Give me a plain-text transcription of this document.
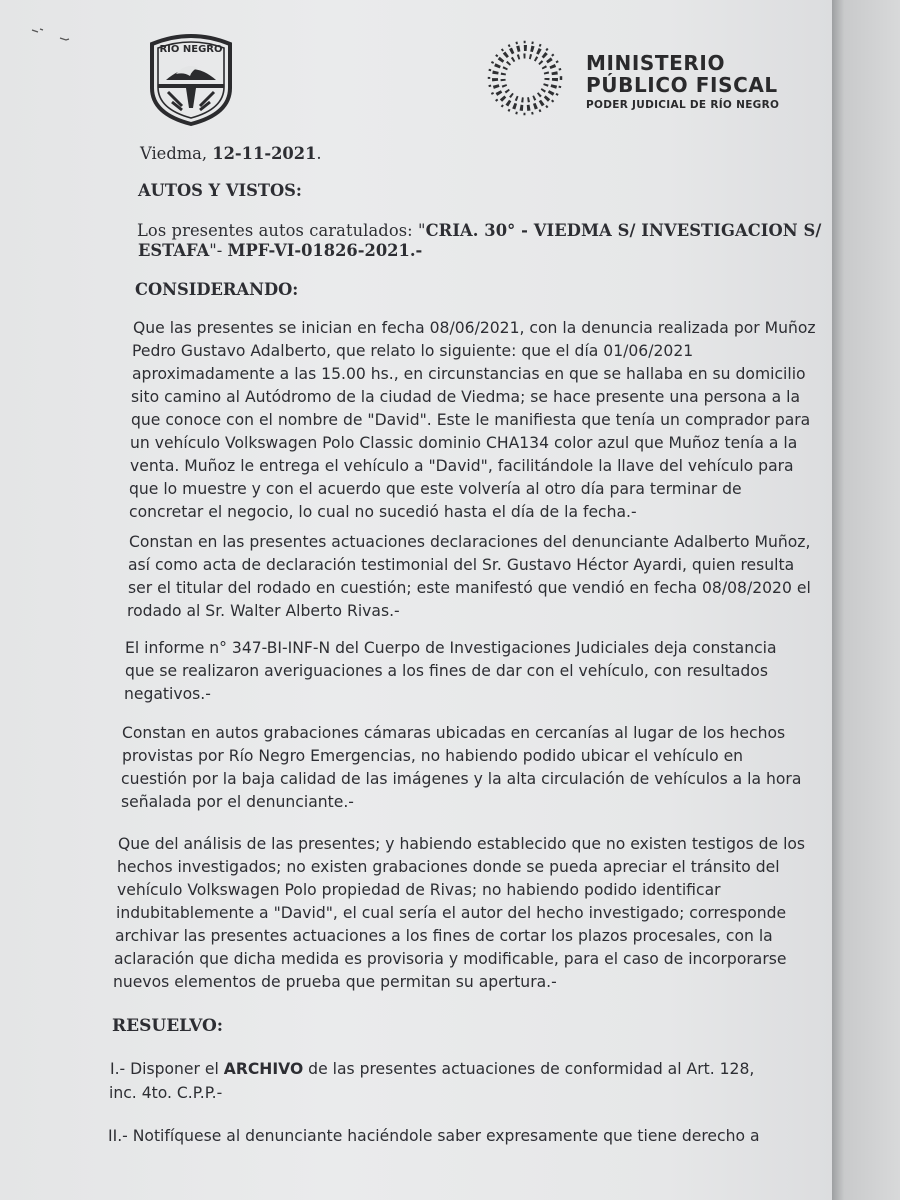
RIO NEGRO
MINISTERIO
PÚBLICO FISCAL
PODER JUDICIAL DE RÍO NEGRO
Viedma, 12-11-2021.
AUTOS Y VISTOS:
Los presentes autos caratulados: "CRIA. 30° - VIEDMA S/ INVESTIGACION S/
ESTAFA"- MPF-VI-01826-2021.-
CONSIDERANDO:
Que las presentes se inician en fecha 08/06/2021, con la denuncia realizada por Muñoz
Pedro Gustavo Adalberto, que relato lo siguiente: que el día 01/06/2021
aproximadamente a las 15.00 hs., en circunstancias en que se hallaba en su domicilio
sito camino al Autódromo de la ciudad de Viedma; se hace presente una persona a la
que conoce con el nombre de "David". Este le manifiesta que tenía un comprador para
un vehículo Volkswagen Polo Classic dominio CHA134 color azul que Muñoz tenía a la
venta. Muñoz le entrega el vehículo a "David", facilitándole la llave del vehículo para
que lo muestre y con el acuerdo que este volvería al otro día para terminar de
concretar el negocio, lo cual no sucedió hasta el día de la fecha.-
Constan en las presentes actuaciones declaraciones del denunciante Adalberto Muñoz,
así como acta de declaración testimonial del Sr. Gustavo Héctor Ayardi, quien resulta
ser el titular del rodado en cuestión; este manifestó que vendió en fecha 08/08/2020 el
rodado al Sr. Walter Alberto Rivas.-
El informe n° 347-BI-INF-N del Cuerpo de Investigaciones Judiciales deja constancia
que se realizaron averiguaciones a los fines de dar con el vehículo, con resultados
negativos.-
Constan en autos grabaciones cámaras ubicadas en cercanías al lugar de los hechos
provistas por Río Negro Emergencias, no habiendo podido ubicar el vehículo en
cuestión por la baja calidad de las imágenes y la alta circulación de vehículos a la hora
señalada por el denunciante.-
Que del análisis de las presentes; y habiendo establecido que no existen testigos de los
hechos investigados; no existen grabaciones donde se pueda apreciar el tránsito del
vehículo Volkswagen Polo propiedad de Rivas; no habiendo podido identificar
indubitablemente a "David", el cual sería el autor del hecho investigado; corresponde
archivar las presentes actuaciones a los fines de cortar los plazos procesales, con la
aclaración que dicha medida es provisoria y modificable, para el caso de incorporarse
nuevos elementos de prueba que permitan su apertura.-
RESUELVO:
I.- Disponer el ARCHIVO de las presentes actuaciones de conformidad al Art. 128,
inc. 4to. C.P.P.-
II.- Notifíquese al denunciante haciéndole saber expresamente que tiene derecho a
